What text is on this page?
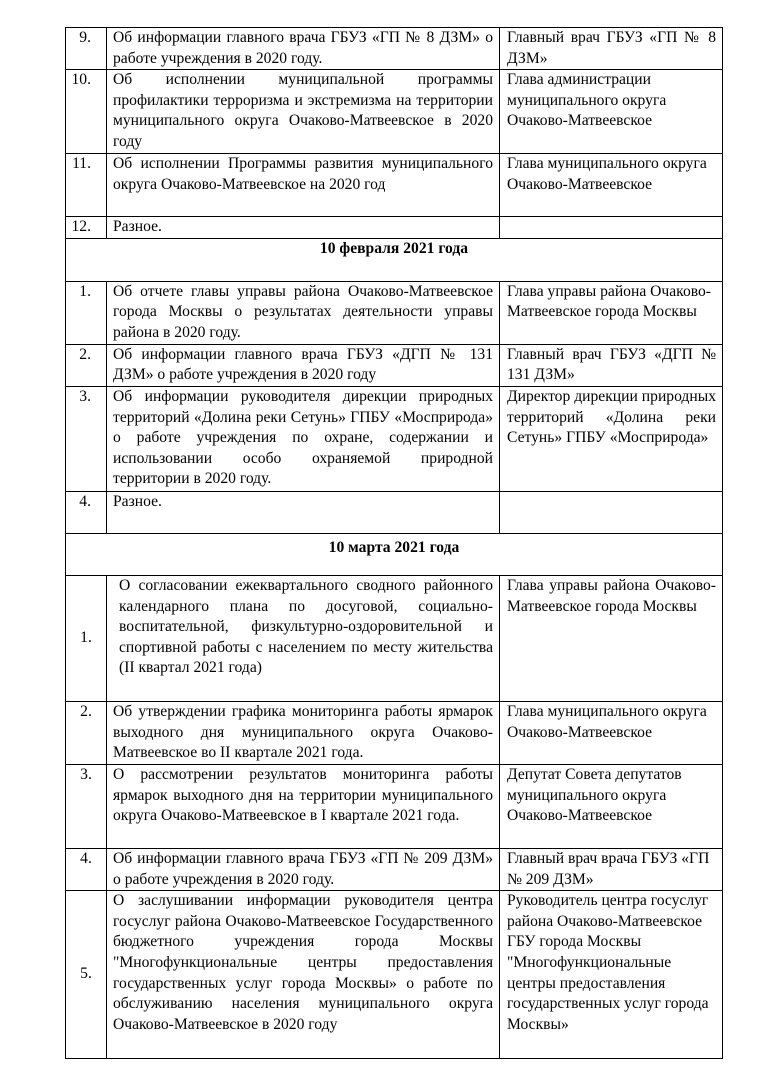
9.	Об информации главного врача ГБУЗ «ГП № 8 ДЗМ» о работе учреждения в 2020 году.	Главный врач ГБУЗ «ГП № 8 ДЗМ»
10.	Об исполнении муниципальной программы профилактики терроризма и экстремизма на территории муниципального округа Очаково-Матвеевское в 2020 году	Глава администрации муниципального округа Очаково-Матвеевское
11.	Об исполнении Программы развития муниципального округа Очаково-Матвеевское на 2020 год	Глава муниципального округа Очаково-Матвеевское
12.	Разное.	
10 февраля 2021 года		
1.	Об отчете главы управы района Очаково-Матвеевское города Москвы о результатах деятельности управы района в 2020 году.	Глава управы района Очаково-Матвеевское города Москвы
2.	Об информации главного врача ГБУЗ «ДГП № 131 ДЗМ» о работе учреждения в 2020 году	Главный врач ГБУЗ «ДГП № 131 ДЗМ»
3.	Об информации руководителя дирекции природных территорий «Долина реки Сетунь» ГПБУ «Мосприрода» о работе учреждения по охране, содержании и использовании особо охраняемой природной территории в 2020 году.	Директор дирекции природных территорий «Долина реки Сетунь» ГПБУ «Мосприрода»
4.	Разное.	
10 марта 2021 года		
1.	О согласовании ежеквартального сводного районного календарного плана по досуговой, социально-воспитательной, физкультурно-оздоровительной и спортивной работы с населением по месту жительства (II квартал 2021 года)	Глава управы района Очаково-Матвеевское города Москвы
2.	Об утверждении графика мониторинга работы ярмарок выходного дня муниципального округа Очаково-Матвеевское во II квартале 2021 года.	Глава муниципального округа Очаково-Матвеевское
3.	О рассмотрении результатов мониторинга работы ярмарок выходного дня на территории муниципального округа Очаково-Матвеевское в I квартале 2021 года.	Депутат Совета депутатов муниципального округа Очаково-Матвеевское
4.	Об информации главного врача ГБУЗ «ГП № 209 ДЗМ» о работе учреждения в 2020 году.	Главный врач врача ГБУЗ «ГП № 209 ДЗМ»
5.	О заслушивании информации руководителя центра госуслуг района Очаково-Матвеевское Государственного бюджетного учреждения города Москвы "Многофункциональные центры предоставления государственных услуг города Москвы» о работе по обслуживанию населения муниципального округа Очаково-Матвеевское в 2020 году	Руководитель центра госуслуг района Очаково-Матвеевское ГБУ города Москвы "Многофункциональные центры предоставления государственных услуг города Москвы»
